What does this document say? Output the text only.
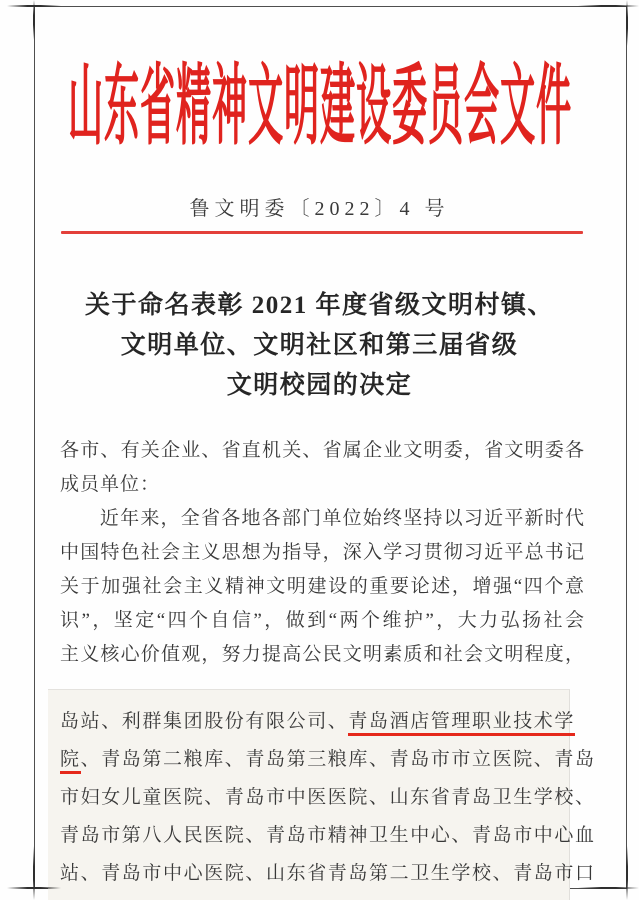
山东省精神文明建设委员会文件
鲁文明委〔2022〕4 号
关于命名表彰 2021 年度省级文明村镇、
文明单位、文明社区和第三届省级
文明校园的决定
各市、有关企业、省直机关、省属企业文明委，省文明委各
成员单位：
近年来，全省各地各部门单位始终坚持以习近平新时代
中国特色社会主义思想为指导，深入学习贯彻习近平总书记
关于加强社会主义精神文明建设的重要论述，增强“四个意
识”，坚定“四个自信”，做到“两个维护”，大力弘扬社会
主义核心价值观，努力提高公民文明素质和社会文明程度，
岛站、利群集团股份有限公司、青岛酒店管理职业技术学
院、青岛第二粮库、青岛第三粮库、青岛市市立医院、青岛
市妇女儿童医院、青岛市中医医院、山东省青岛卫生学校、
青岛市第八人民医院、青岛市精神卫生中心、青岛市中心血
站、青岛市中心医院、山东省青岛第二卫生学校、青岛市口
